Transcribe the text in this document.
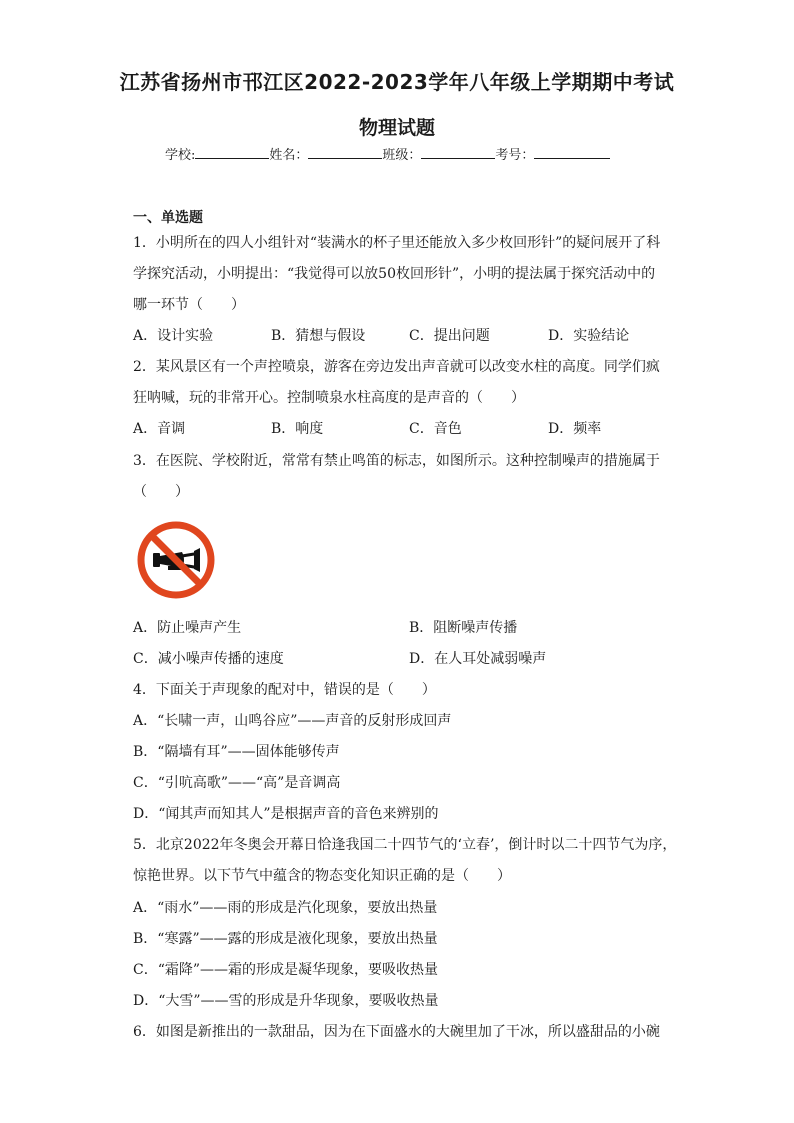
江苏省扬州市邗江区2022-2023学年八年级上学期期中考试
物理试题
学校:	姓名：	班级：	考号：
一、单选题
1．小明所在的四人小组针对“装满水的杯子里还能放入多少枚回形针”的疑问展开了科
学探究活动，小明提出：“我觉得可以放50枚回形针”，小明的提法属于探究活动中的
哪一环节（　　）
A．设计实验	B．猜想与假设	C．提出问题	D．实验结论
2．某风景区有一个声控喷泉，游客在旁边发出声音就可以改变水柱的高度。同学们疯
狂呐喊，玩的非常开心。控制喷泉水柱高度的是声音的（　　）
A．音调	B．响度	C．音色	D．频率
3．在医院、学校附近，常常有禁止鸣笛的标志，如图所示。这种控制噪声的措施属于
（　　）
A．防止噪声产生	B．阻断噪声传播
C．减小噪声传播的速度	D．在人耳处减弱噪声
4．下面关于声现象的配对中，错误的是（　　）
A．“长啸一声，山鸣谷应”——声音的反射形成回声
B．“隔墙有耳”——固体能够传声
C．“引吭高歌”——“高”是音调高
D．“闻其声而知其人”是根据声音的音色来辨别的
5．北京2022年冬奥会开幕日恰逢我国二十四节气的‘立春’，倒计时以二十四节气为序，
惊艳世界。以下节气中蕴含的物态变化知识正确的是（　　）
A．“雨水”——雨的形成是汽化现象，要放出热量
B．“寒露”——露的形成是液化现象，要放出热量
C．“霜降”——霜的形成是凝华现象，要吸收热量
D．“大雪”——雪的形成是升华现象，要吸收热量
6．如图是新推出的一款甜品，因为在下面盛水的大碗里加了干冰，所以盛甜品的小碗
